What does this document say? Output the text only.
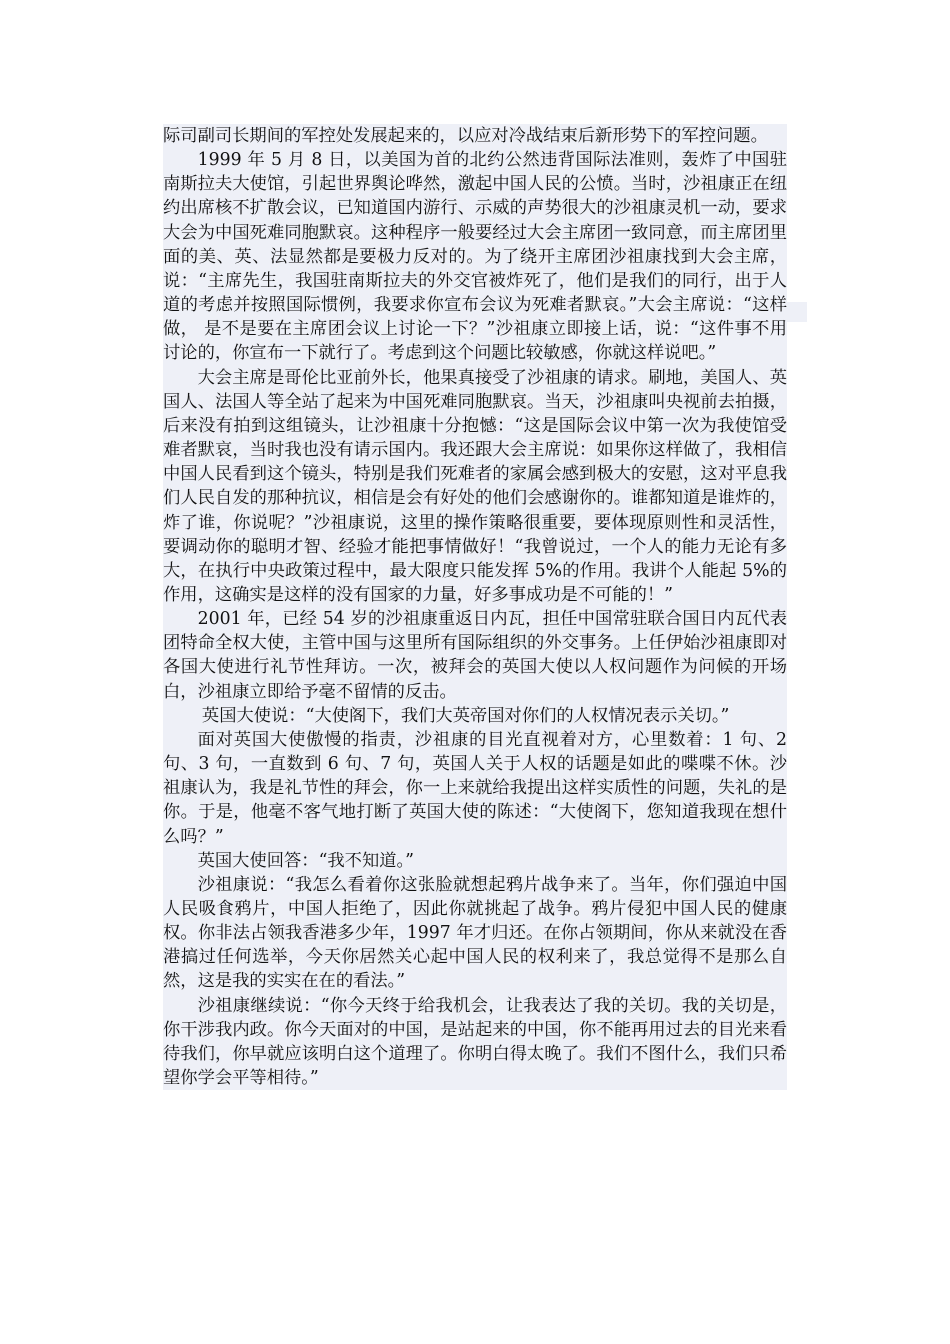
际司副司长期间的军控处发展起来的，以应对冷战结束后新形势下的军控问题。

1999 年 5 月 8 日，以美国为首的北约公然违背国际法准则，轰炸了中国驻南斯拉夫大使馆，引起世界舆论哗然，激起中国人民的公愤。当时，沙祖康正在纽约出席核不扩散会议，已知道国内游行、示威的声势很大的沙祖康灵机一动，要求大会为中国死难同胞默哀。这种程序一般要经过大会主席团一致同意，而主席团里面的美、英、法显然都是要极力反对的。为了绕开主席团沙祖康找到大会主席，说：“主席先生，我国驻南斯拉夫的外交官被炸死了，他们是我们的同行，出于人道的考虑并按照国际惯例，我要求你宣布会议为死难者默哀。”大会主席说：“这样做， 是不是要在主席团会议上讨论一下？”沙祖康立即接上话，说：“这件事不用讨论的，你宣布一下就行了。考虑到这个问题比较敏感，你就这样说吧。”

大会主席是哥伦比亚前外长，他果真接受了沙祖康的请求。刷地，美国人、英国人、法国人等全站了起来为中国死难同胞默哀。当天，沙祖康叫央视前去拍摄，后来没有拍到这组镜头，让沙祖康十分抱憾：“这是国际会议中第一次为我使馆受难者默哀，当时我也没有请示国内。我还跟大会主席说：如果你这样做了，我相信中国人民看到这个镜头，特别是我们死难者的家属会感到极大的安慰，这对平息我们人民自发的那种抗议，相信是会有好处的他们会感谢你的。谁都知道是谁炸的，炸了谁，你说呢？”沙祖康说，这里的操作策略很重要，要体现原则性和灵活性，要调动你的聪明才智、经验才能把事情做好！“我曾说过，一个人的能力无论有多大，在执行中央政策过程中，最大限度只能发挥 5%的作用。我讲个人能起 5%的作用，这确实是这样的没有国家的力量，好多事成功是不可能的！”

2001 年，已经 54 岁的沙祖康重返日内瓦，担任中国常驻联合国日内瓦代表团特命全权大使，主管中国与这里所有国际组织的外交事务。上任伊始沙祖康即对各国大使进行礼节性拜访。一次，被拜会的英国大使以人权问题作为问候的开场白，沙祖康立即给予毫不留情的反击。

英国大使说：“大使阁下，我们大英帝国对你们的人权情况表示关切。”

面对英国大使傲慢的指责，沙祖康的目光直视着对方，心里数着：1 句、2 句、3 句，一直数到 6 句、7 句，英国人关于人权的话题是如此的喋喋不休。沙祖康认为，我是礼节性的拜会，你一上来就给我提出这样实质性的问题，失礼的是你。于是，他毫不客气地打断了英国大使的陈述：“大使阁下，您知道我现在想什么吗？”

英国大使回答：“我不知道。”

沙祖康说：“我怎么看着你这张脸就想起鸦片战争来了。当年，你们强迫中国人民吸食鸦片，中国人拒绝了，因此你就挑起了战争。鸦片侵犯中国人民的健康权。你非法占领我香港多少年，1997 年才归还。在你占领期间，你从来就没在香港搞过任何选举，今天你居然关心起中国人民的权利来了，我总觉得不是那么自然，这是我的实实在在的看法。”

沙祖康继续说：“你今天终于给我机会，让我表达了我的关切。我的关切是，你干涉我内政。你今天面对的中国，是站起来的中国，你不能再用过去的目光来看待我们，你早就应该明白这个道理了。你明白得太晚了。我们不图什么，我们只希望你学会平等相待。”
